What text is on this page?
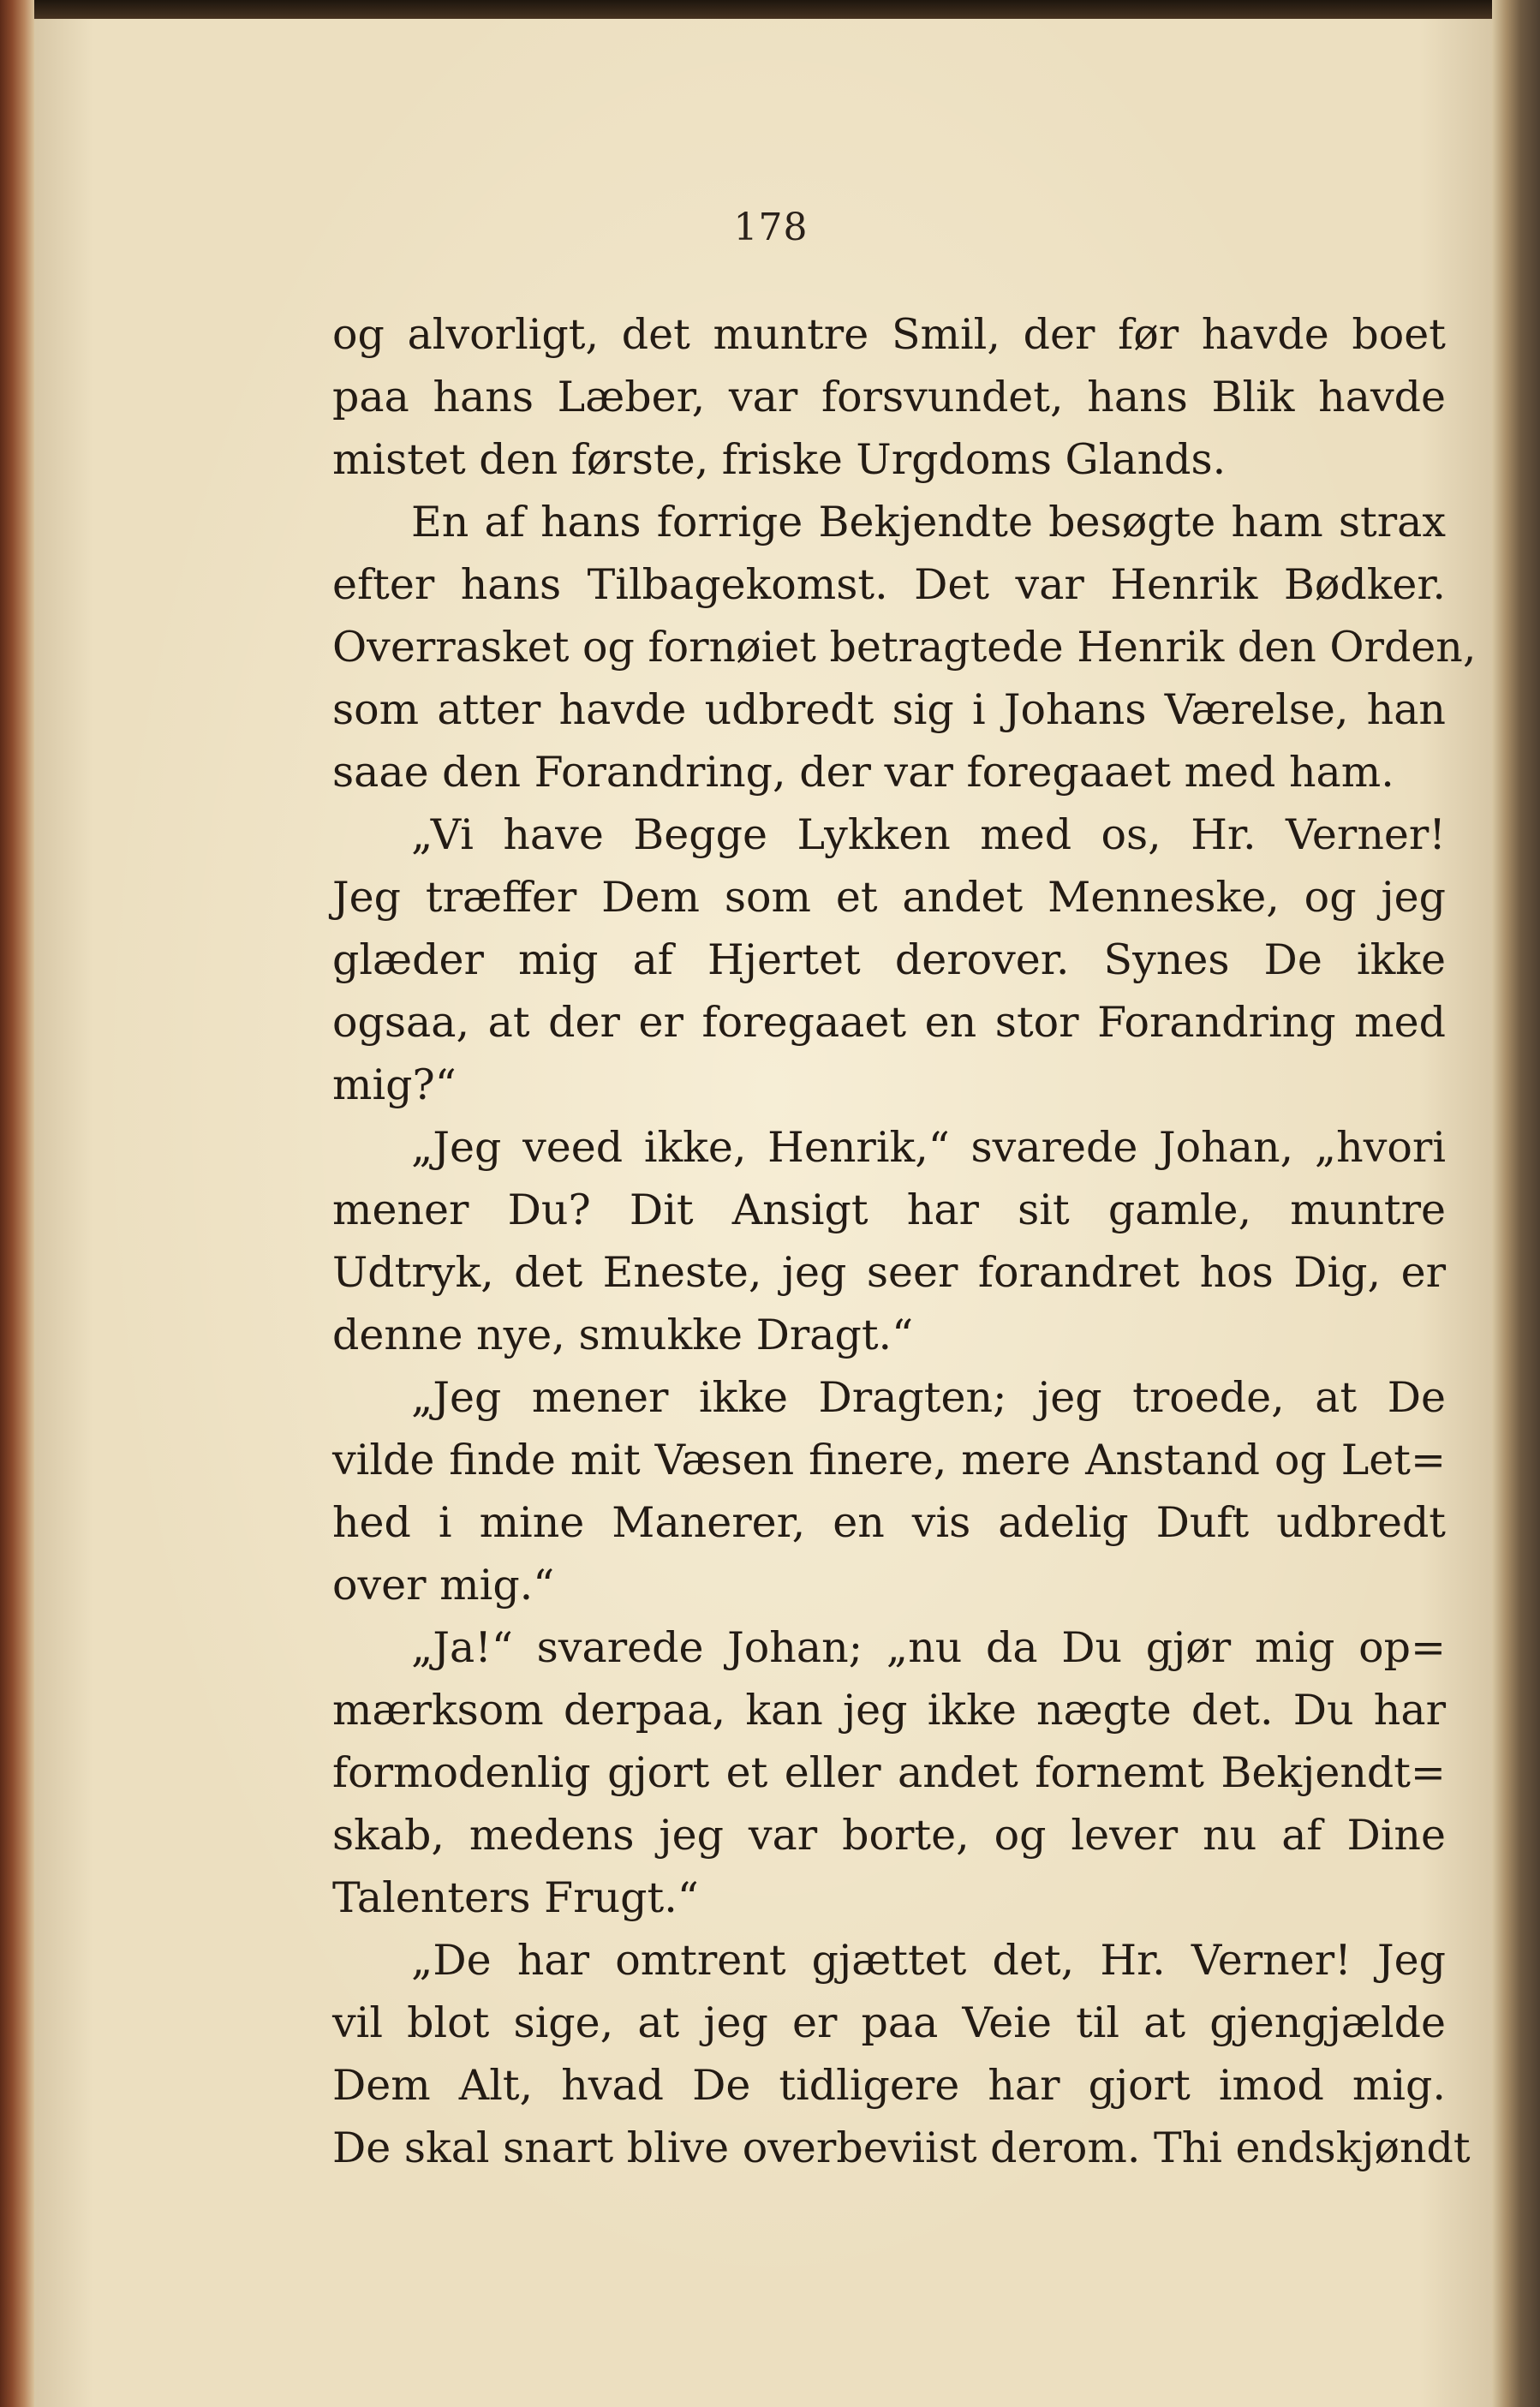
178
og alvorligt, det muntre Smil, der før havde boet
paa hans Læber, var forsvundet, hans Blik havde
mistet den første, friske Urgdoms Glands.
En af hans forrige Bekjendte besøgte ham strax
efter hans Tilbagekomst. Det var Henrik Bødker.
Overrasket og fornøiet betragtede Henrik den Orden,
som atter havde udbredt sig i Johans Værelse, han
saae den Forandring, der var foregaaet med ham.
„Vi have Begge Lykken med os, Hr. Verner!
Jeg træffer Dem som et andet Menneske, og jeg
glæder mig af Hjertet derover. Synes De ikke
ogsaa, at der er foregaaet en stor Forandring med
mig?“
„Jeg veed ikke, Henrik,“ svarede Johan, „hvori
mener Du? Dit Ansigt har sit gamle, muntre
Udtryk, det Eneste, jeg seer forandret hos Dig, er
denne nye, smukke Dragt.“
„Jeg mener ikke Dragten; jeg troede, at De
vilde finde mit Væsen finere, mere Anstand og Let=
hed i mine Manerer, en vis adelig Duft udbredt
over mig.“
„Ja!“ svarede Johan; „nu da Du gjør mig op=
mærksom derpaa, kan jeg ikke nægte det. Du har
formodenlig gjort et eller andet fornemt Bekjendt=
skab, medens jeg var borte, og lever nu af Dine
Talenters Frugt.“
„De har omtrent gjættet det, Hr. Verner! Jeg
vil blot sige, at jeg er paa Veie til at gjengjælde
Dem Alt, hvad De tidligere har gjort imod mig.
De skal snart blive overbeviist derom. Thi endskjøndt
